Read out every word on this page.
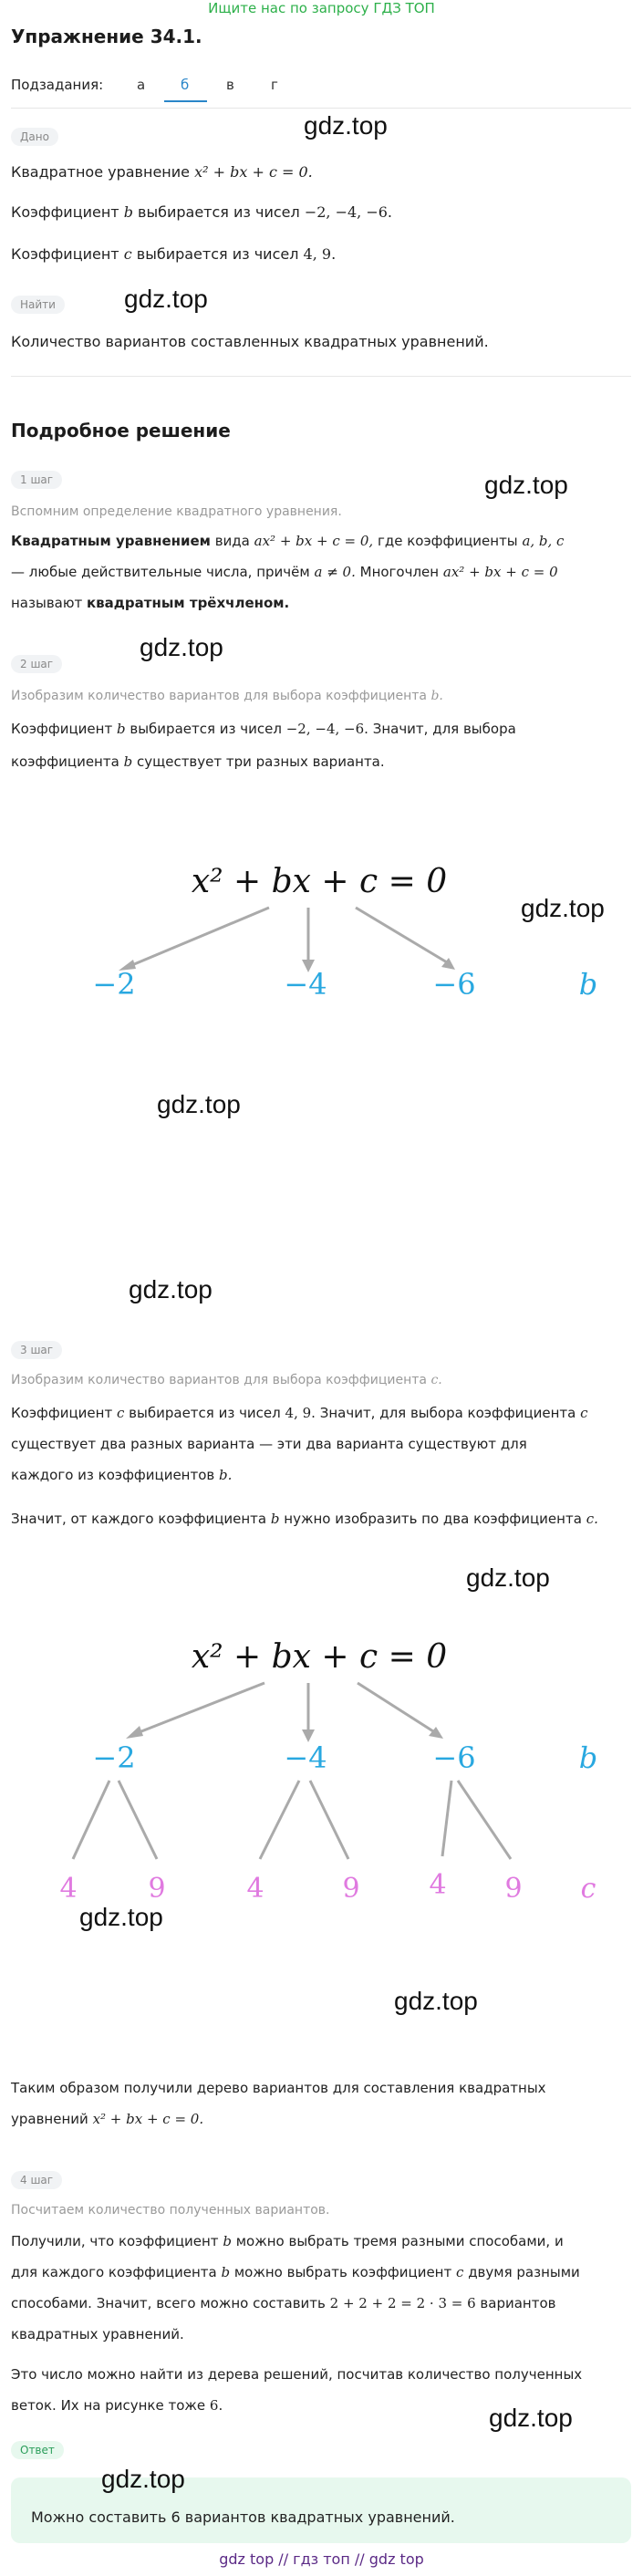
Ищите нас по запросу ГДЗ ТОП
Упражнение 34.1.
Подзадания: а	б	в	г
Дано
Квадратное уравнение x² + bx + c = 0.
Коэффициент b выбирается из чисел −2, −4, −6.
Коэффициент c выбирается из чисел 4, 9.
Найти
Количество вариантов составленных квадратных уравнений.
Подробное решение
1 шаг
Вспомним определение квадратного уравнения.
Квадратным уравнением вида ax² + bx + c = 0, где коэффициенты a, b, c
— любые действительные числа, причём a ≠ 0. Многочлен ax² + bx + c = 0
называют квадратным трёхчленом.
2 шаг
Изобразим количество вариантов для выбора коэффициента b.
Коэффициент b выбирается из чисел −2, −4, −6. Значит, для выбора
коэффициента b существует три разных варианта.
x² + bx + c = 0
−2	−4	−6	b
3 шаг
Изобразим количество вариантов для выбора коэффициента c.
Коэффициент c выбирается из чисел 4, 9. Значит, для выбора коэффициента c
существует два разных варианта — эти два варианта существуют для
каждого из коэффициентов b.
Значит, от каждого коэффициента b нужно изобразить по два коэффициента c.
x² + bx + c = 0
−2	−4	−6	b
4	9	4	9	4 9 c
Таким образом получили дерево вариантов для составления квадратных
уравнений x² + bx + c = 0.
4 шаг
Посчитаем количество полученных вариантов.
Получили, что коэффициент b можно выбрать тремя разными способами, и
для каждого коэффициента b можно выбрать коэффициент c двумя разными
способами. Значит, всего можно составить 2 + 2 + 2 = 2 · 3 = 6 вариантов
квадратных уравнений.
Это число можно найти из дерева решений, посчитав количество полученных
веток. Их на рисунке тоже 6.
Ответ
Можно составить 6 вариантов квадратных уравнений.
gdz top // гдз топ // gdz top
gdz.top
gdz.top
gdz.top
gdz.top
gdz.top
gdz.top
gdz.top
gdz.top
gdz.top
gdz.top
gdz.top
gdz.top
